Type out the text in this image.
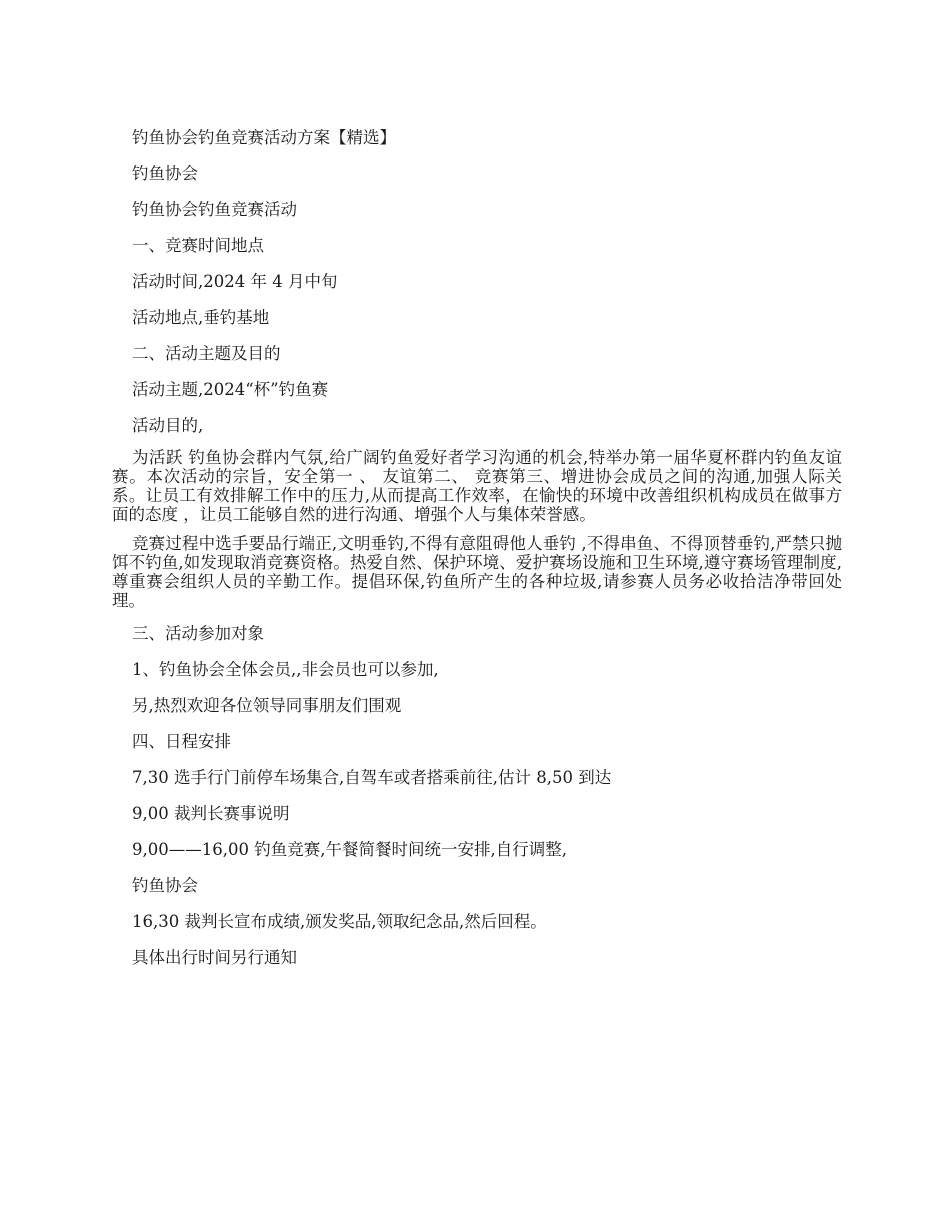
钓鱼协会钓鱼竞赛活动方案【精选】

钓鱼协会

钓鱼协会钓鱼竞赛活动

一、竞赛时间地点

活动时间,2024 年 4 月中旬

活动地点,垂钓基地

二、活动主题及目的

活动主题,2024“杯”钓鱼赛

活动目的,

为活跃 钓鱼协会群内气氛,给广阔钓鱼爱好者学习沟通的机会,特举办第一届华夏杯群内钓鱼友谊赛。本次活动的宗旨，安全第一 、 友谊第二、 竞赛第三、增进协会成员之间的沟通,加强人际关系。让员工有效排解工作中的压力,从而提高工作效率，在愉快的环境中改善组织机构成员在做事方面的态度 ，让员工能够自然的进行沟通、增强个人与集体荣誉感。

竞赛过程中选手要品行端正,文明垂钓,不得有意阻碍他人垂钓 ,不得串鱼、不得顶替垂钓,严禁只抛饵不钓鱼,如发现取消竞赛资格。热爱自然、保护环境、爱护赛场设施和卫生环境,遵守赛场管理制度,尊重赛会组织人员的辛勤工作。提倡环保,钓鱼所产生的各种垃圾,请参赛人员务必收拾洁净带回处理。

三、活动参加对象

1、钓鱼协会全体会员,,非会员也可以参加,

另,热烈欢迎各位领导同事朋友们围观

四、日程安排

7,30 选手行门前停车场集合,自驾车或者搭乘前往,估计 8,50 到达

9,00 裁判长赛事说明

9,00——16,00 钓鱼竞赛,午餐简餐时间统一安排,自行调整,

钓鱼协会

16,30 裁判长宣布成绩,颁发奖品,领取纪念品,然后回程。

具体出行时间另行通知
